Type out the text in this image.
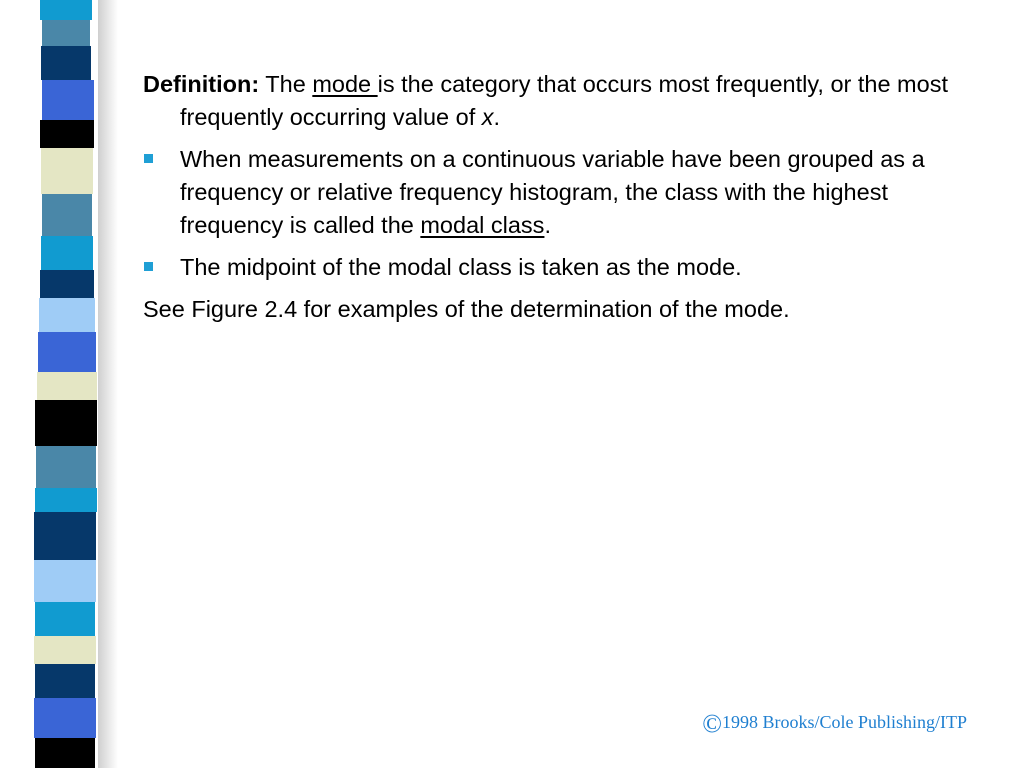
Definition: The mode is the category that occurs most frequently, or the most frequently occurring value of x.

When measurements on a continuous variable have been grouped as a frequency or relative frequency histogram, the class with the highest frequency is called the modal class.
The midpoint of the modal class is taken as the mode.

See Figure 2.4 for examples of the determination of the mode.

©1998 Brooks/Cole Publishing/ITP
